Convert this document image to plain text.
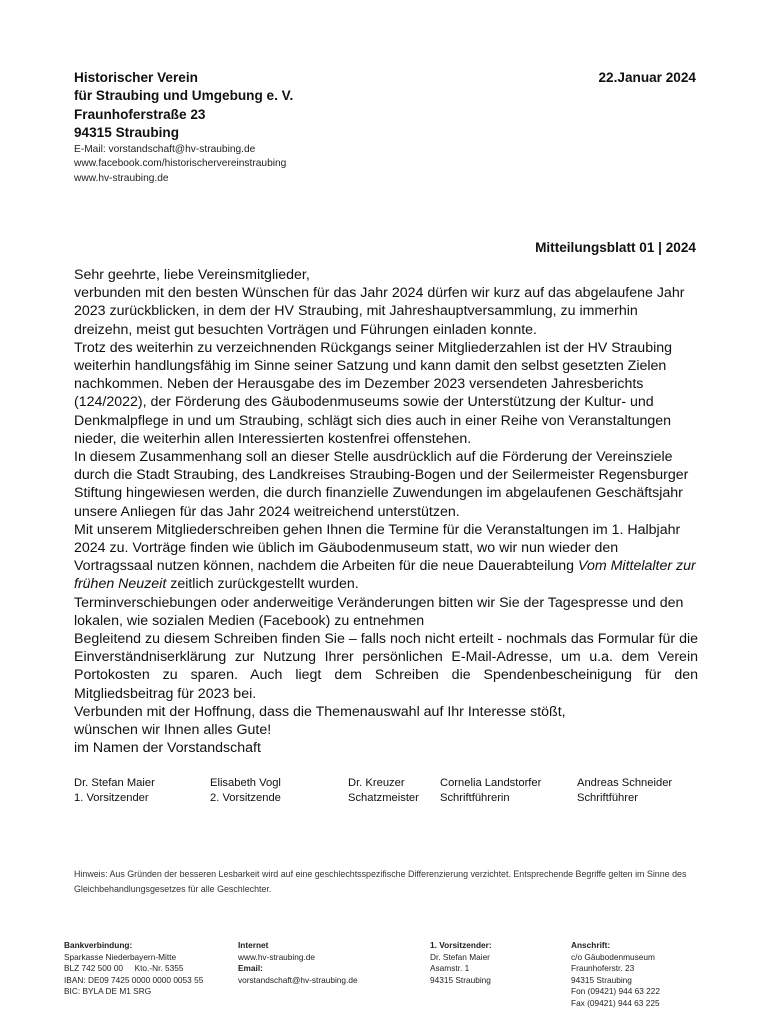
Historischer Verein
für Straubing und Umgebung e. V.
Fraunhoferstraße 23
94315 Straubing
E-Mail: vorstandschaft@hv-straubing.de
www.facebook.com/historischervereinstraubing
www.hv-straubing.de
22.Januar 2024
Mitteilungsblatt 01 | 2024

Sehr geehrte, liebe Vereinsmitglieder,

verbunden mit den besten Wünschen für das Jahr 2024 dürfen wir kurz auf das abgelaufene Jahr 2023 zurückblicken, in dem der HV Straubing, mit Jahreshauptversammlung, zu immerhin dreizehn, meist gut besuchten Vorträgen und Führungen einladen konnte.

Trotz des weiterhin zu verzeichnenden Rückgangs seiner Mitgliederzahlen ist der HV Straubing weiterhin handlungsfähig im Sinne seiner Satzung und kann damit den selbst gesetzten Zielen nachkommen. Neben der Herausgabe des im Dezember 2023 versendeten Jahresberichts (124/2022), der Förderung des Gäubodenmuseums sowie der Unterstützung der Kultur- und Denkmalpflege in und um Straubing, schlägt sich dies auch in einer Reihe von Veranstaltungen nieder, die weiterhin allen Interessierten kostenfrei offenstehen.

In diesem Zusammenhang soll an dieser Stelle ausdrücklich auf die Förderung der Vereinsziele durch die Stadt Straubing, des Landkreises Straubing-Bogen und der Seilermeister Regensburger Stiftung hingewiesen werden, die durch finanzielle Zuwendungen im abgelaufenen Geschäftsjahr unsere Anliegen für das Jahr 2024 weitreichend unterstützen.

Mit unserem Mitgliederschreiben gehen Ihnen die Termine für die Veranstaltungen im 1. Halbjahr 2024 zu. Vorträge finden wie üblich im Gäubodenmuseum statt, wo wir nun wieder den Vortragssaal nutzen können, nachdem die Arbeiten für die neue Dauerabteilung Vom Mittelalter zur frühen Neuzeit zeitlich zurückgestellt wurden.

Terminverschiebungen oder anderweitige Veränderungen bitten wir Sie der Tagespresse und den lokalen, wie sozialen Medien (Facebook) zu entnehmen

Begleitend zu diesem Schreiben finden Sie – falls noch nicht erteilt - nochmals das Formular für die Einverständniserklärung zur Nutzung Ihrer persönlichen E-Mail-Adresse, um u.a. dem Verein Portokosten zu sparen. Auch liegt dem Schreiben die Spendenbescheinigung für den Mitgliedsbeitrag für 2023 bei.

Verbunden mit der Hoffnung, dass die Themenauswahl auf Ihr Interesse stößt,

wünschen wir Ihnen alles Gute!

im Namen der Vorstandschaft

Dr. Stefan Maier
1. Vorsitzender
Elisabeth Vogl
2. Vorsitzende
Dr. Kreuzer
Schatzmeister
Cornelia Landstorfer
Schriftführerin
Andreas Schneider
Schriftführer
Hinweis: Aus Gründen der besseren Lesbarkeit wird auf eine geschlechtsspezifische Differenzierung verzichtet. Entsprechende Begriffe gelten im Sinne des Gleichbehandlungsgesetzes für alle Geschlechter.
Bankverbindung:
Sparkasse Niederbayern-Mitte
BLZ 742 500 00     Kto.-Nr. 5355
IBAN: DE09 7425 0000 0000 0053 55
BIC: BYLA DE M1 SRG
Internet
www.hv-straubing.de
Email:
vorstandschaft@hv-straubing.de
1. Vorsitzender:
Dr. Stefan Maier
Asamstr. 1
94315 Straubing
Anschrift:
c/o Gäubodenmuseum
Fraunhoferstr. 23
94315 Straubing
Fon (09421) 944 63 222
Fax (09421) 944 63 225
